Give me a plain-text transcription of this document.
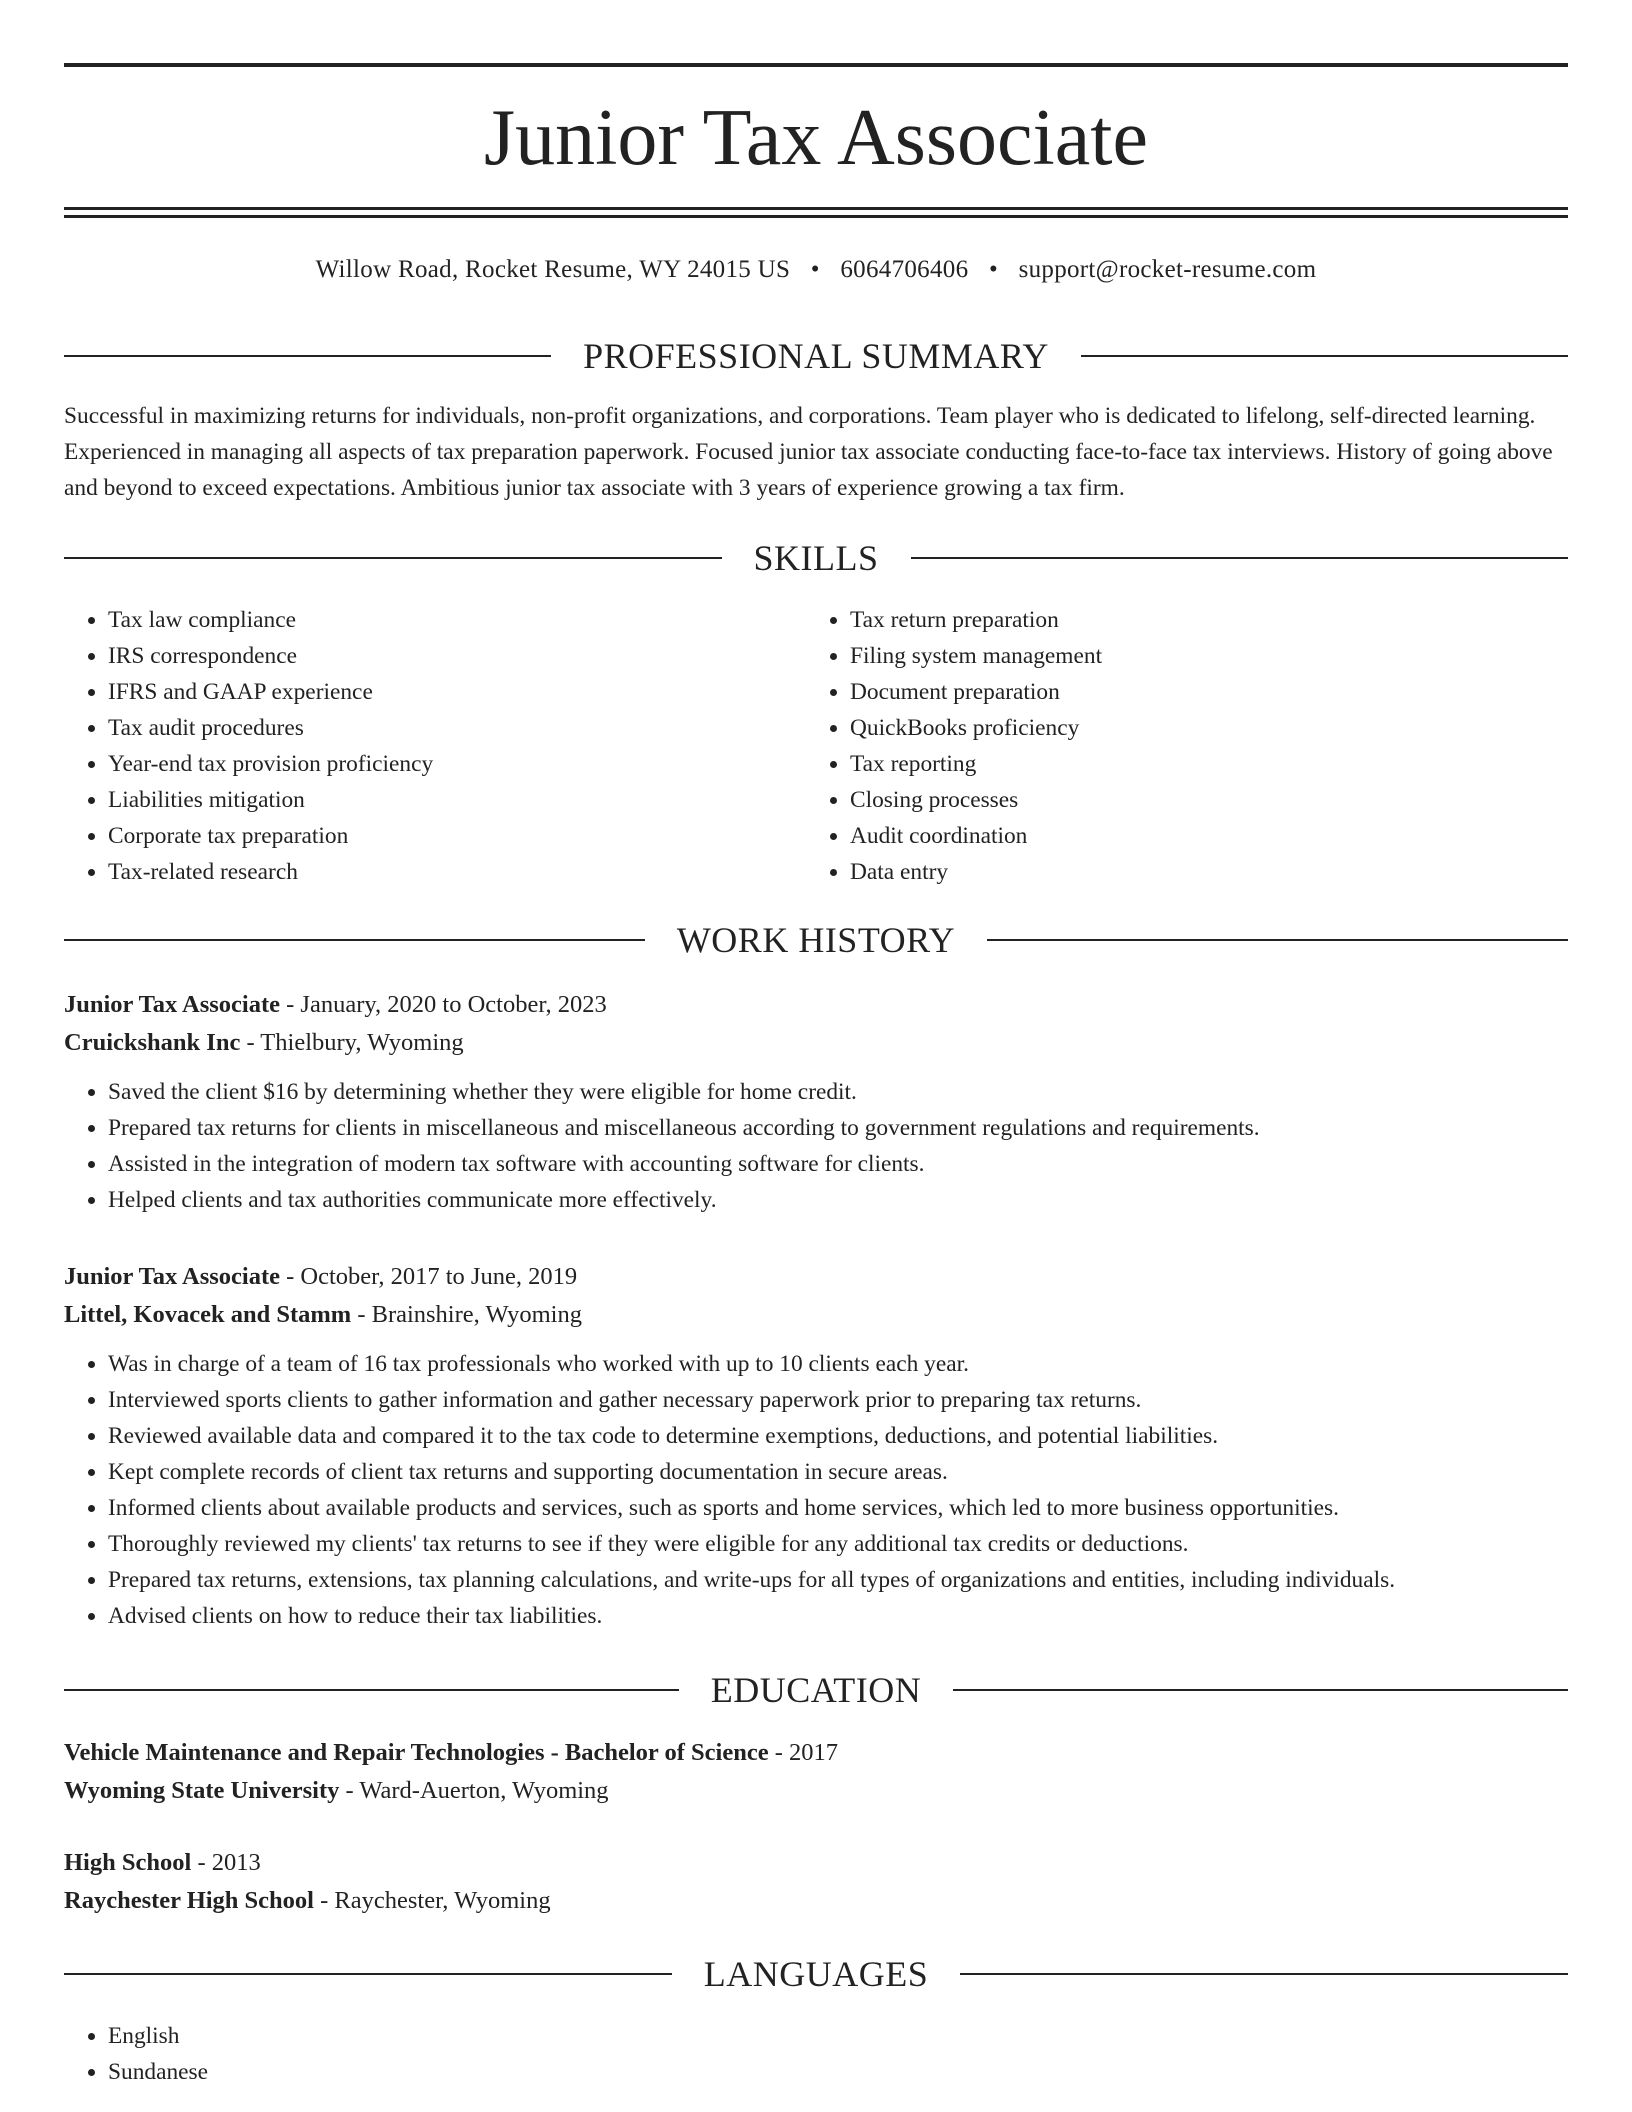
Junior Tax Associate
Willow Road, Rocket Resume, WY 24015 US • 6064706406 • support@rocket-resume.com
PROFESSIONAL SUMMARY
Successful in maximizing returns for individuals, non-profit organizations, and corporations. Team player who is dedicated to lifelong, self-directed learning. Experienced in managing all aspects of tax preparation paperwork. Focused junior tax associate conducting face-to-face tax interviews. History of going above and beyond to exceed expectations. Ambitious junior tax associate with 3 years of experience growing a tax firm.
SKILLS
• Tax law compliance
• IRS correspondence
• IFRS and GAAP experience
• Tax audit procedures
• Year-end tax provision proficiency
• Liabilities mitigation
• Corporate tax preparation
• Tax-related research
• Tax return preparation
• Filing system management
• Document preparation
• QuickBooks proficiency
• Tax reporting
• Closing processes
• Audit coordination
• Data entry
WORK HISTORY
Junior Tax Associate - January, 2020 to October, 2023
Cruickshank Inc - Thielbury, Wyoming
• Saved the client $16 by determining whether they were eligible for home credit.
• Prepared tax returns for clients in miscellaneous and miscellaneous according to government regulations and requirements.
• Assisted in the integration of modern tax software with accounting software for clients.
• Helped clients and tax authorities communicate more effectively.
Junior Tax Associate - October, 2017 to June, 2019
Littel, Kovacek and Stamm - Brainshire, Wyoming
• Was in charge of a team of 16 tax professionals who worked with up to 10 clients each year.
• Interviewed sports clients to gather information and gather necessary paperwork prior to preparing tax returns.
• Reviewed available data and compared it to the tax code to determine exemptions, deductions, and potential liabilities.
• Kept complete records of client tax returns and supporting documentation in secure areas.
• Informed clients about available products and services, such as sports and home services, which led to more business opportunities.
• Thoroughly reviewed my clients' tax returns to see if they were eligible for any additional tax credits or deductions.
• Prepared tax returns, extensions, tax planning calculations, and write-ups for all types of organizations and entities, including individuals.
• Advised clients on how to reduce their tax liabilities.
EDUCATION
Vehicle Maintenance and Repair Technologies - Bachelor of Science - 2017
Wyoming State University - Ward-Auerton, Wyoming
High School - 2013
Raychester High School - Raychester, Wyoming
LANGUAGES
• English
• Sundanese
